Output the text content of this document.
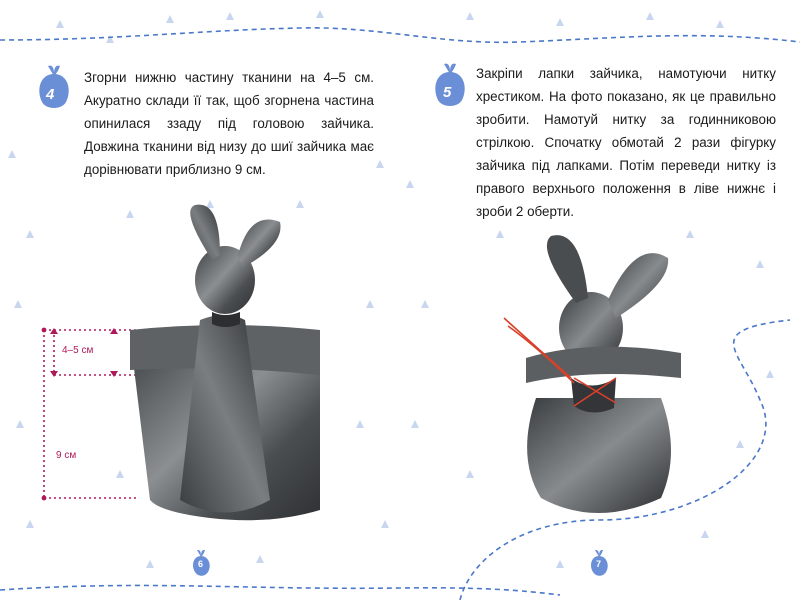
4

Згорни нижню частину тканини на 4–5 см. Акуратно склади її так, щоб згорнена частина опинилася ззаду під головою зайчика. Довжина тканини від низу до шиї зайчика має дорівнювати приблизно 9 см.

4–5 см
9 см
6
5

Закріпи лапки зайчика, намотуючи нитку хрестиком. На фото показано, як це правильно зробити. Намотуй нитку за годинниковою стрілкою. Спочатку обмотай 2 рази фігурку зайчика під лапками. Потім переведи нитку із правого верхнього положення в ліве нижнє і зроби 2 оберти.

7
